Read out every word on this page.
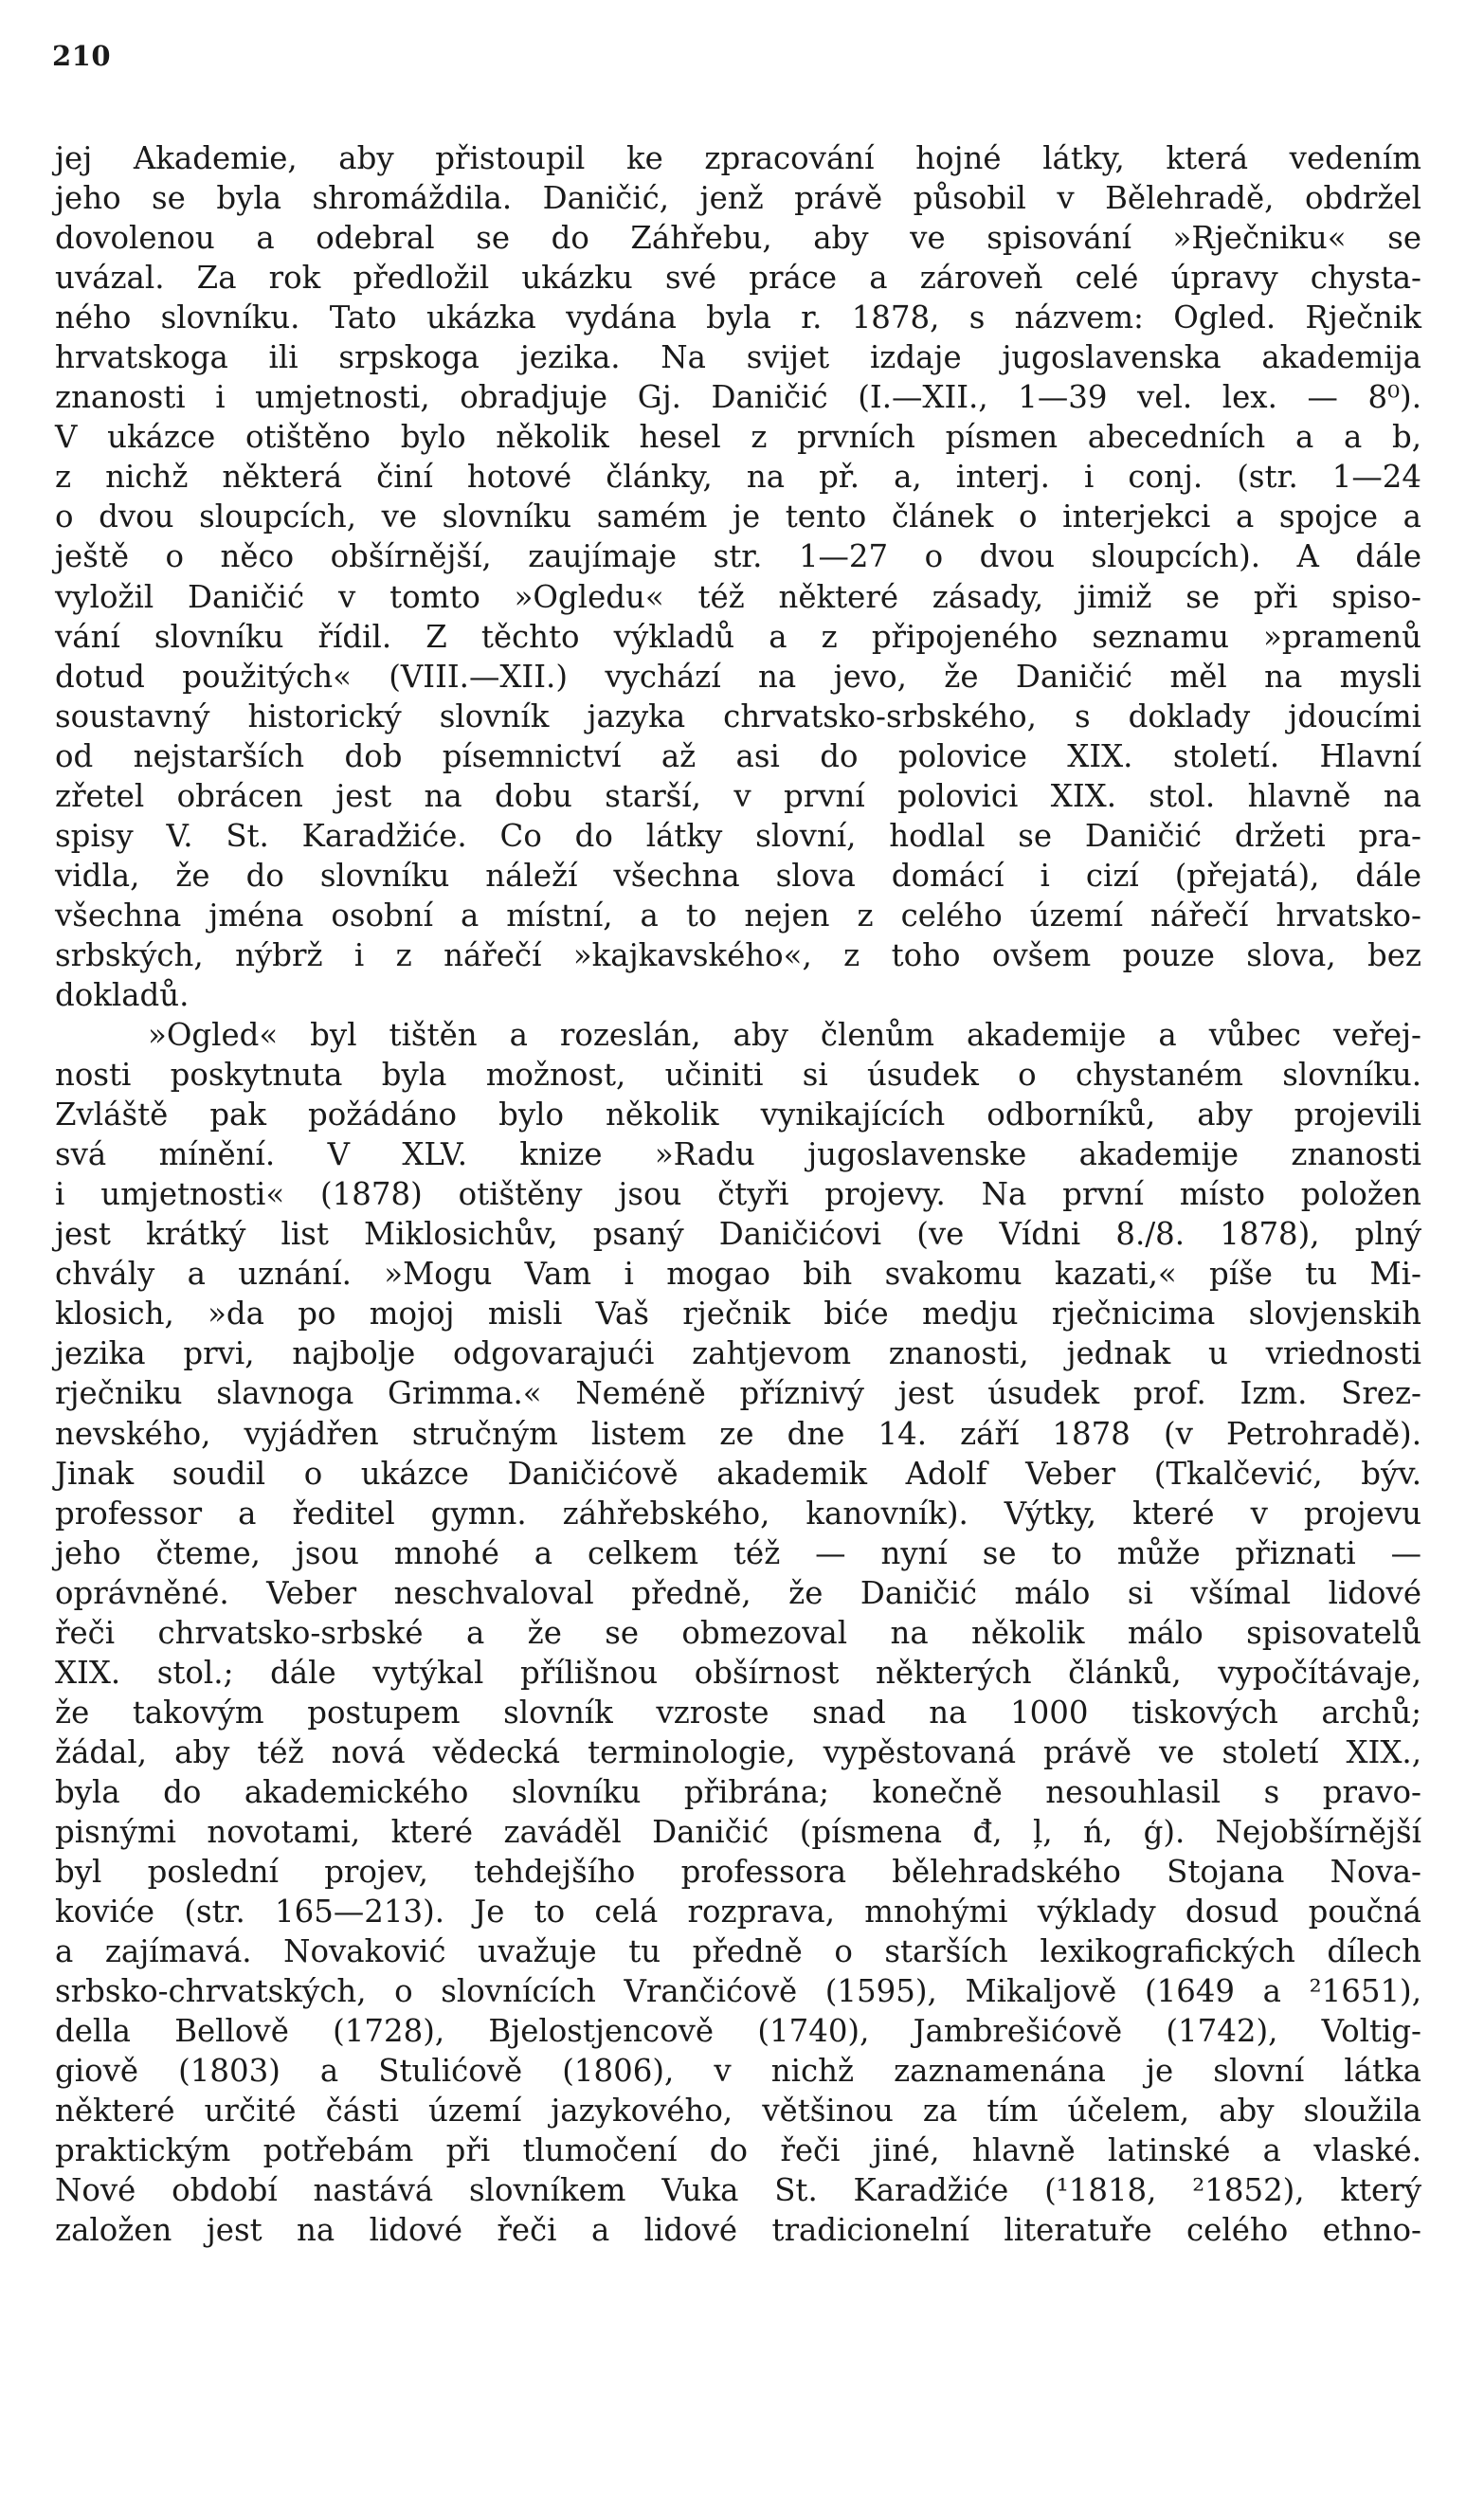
210
jej Akademie, aby přistoupil ke zpracování hojné látky, která vedením
jeho se byla shromáždila. Daničić, jenž právě působil v Bělehradě, obdržel
dovolenou a odebral se do Záhřebu, aby ve spisování »Rječniku« se
uvázal. Za rok předložil ukázku své práce a zároveň celé úpravy chysta-
ného slovníku. Tato ukázka vydána byla r. 1878, s názvem: Ogled. Rječnik
hrvatskoga ili srpskoga jezika. Na svijet izdaje jugoslavenska akademija
znanosti i umjetnosti, obradjuje Gj. Daničić (I.—XII., 1—39 vel. lex. — 8⁰).
V ukázce otištěno bylo několik hesel z prvních písmen abecedních a a b,
z nichž některá činí hotové články, na př. a, interj. i conj. (str. 1—24
o dvou sloupcích, ve slovníku samém je tento článek o interjekci a spojce a
ještě o něco obšírnější, zaujímaje str. 1—27 o dvou sloupcích). A dále
vyložil Daničić v tomto »Ogledu« též některé zásady, jimiž se při spiso-
vání slovníku řídil. Z těchto výkladů a z připojeného seznamu »pramenů
dotud použitých« (VIII.—XII.) vychází na jevo, že Daničić měl na mysli
soustavný historický slovník jazyka chrvatsko-srbského, s doklady jdoucími
od nejstarších dob písemnictví až asi do polovice XIX. století. Hlavní
zřetel obrácen jest na dobu starší, v první polovici XIX. stol. hlavně na
spisy V. St. Karadžiće. Co do látky slovní, hodlal se Daničić držeti pra-
vidla, že do slovníku náleží všechna slova domácí i cizí (přejatá), dále
všechna jména osobní a místní, a to nejen z celého území nářečí hrvatsko-
srbských, nýbrž i z nářečí »kajkavského«, z toho ovšem pouze slova, bez
dokladů.
»Ogled« byl tištěn a rozeslán, aby členům akademije a vůbec veřej-
nosti poskytnuta byla možnost, učiniti si úsudek o chystaném slovníku.
Zvláště pak požádáno bylo několik vynikajících odborníků, aby projevili
svá mínění. V XLV. knize »Radu jugoslavenske akademije znanosti
i umjetnosti« (1878) otištěny jsou čtyři projevy. Na první místo položen
jest krátký list Miklosichův, psaný Daničićovi (ve Vídni 8./8. 1878), plný
chvály a uznání. »Mogu Vam i mogao bih svakomu kazati,« píše tu Mi-
klosich, »da po mojoj misli Vaš rječnik biće medju rječnicima slovjenskih
jezika prvi, najbolje odgovarajući zahtjevom znanosti, jednak u vriednosti
rječniku slavnoga Grimma.« Neméně příznivý jest úsudek prof. Izm. Srez-
nevského, vyjádřen stručným listem ze dne 14. září 1878 (v Petrohradě).
Jinak soudil o ukázce Daničićově akademik Adolf Veber (Tkalčević, býv.
professor a ředitel gymn. záhřebského, kanovník). Výtky, které v projevu
jeho čteme, jsou mnohé a celkem též — nyní se to může přiznati —
oprávněné. Veber neschvaloval předně, že Daničić málo si všímal lidové
řeči chrvatsko-srbské a že se obmezoval na několik málo spisovatelů
XIX. stol.; dále vytýkal přílišnou obšírnost některých článků, vypočítávaje,
že takovým postupem slovník vzroste snad na 1000 tiskových archů;
žádal, aby též nová vědecká terminologie, vypěstovaná právě ve století XIX.,
byla do akademického slovníku přibrána; konečně nesouhlasil s pravo-
pisnými novotami, které zaváděl Daničić (písmena đ, ļ, ń, ģ). Nejobšírnější
byl poslední projev, tehdejšího professora bělehradského Stojana Nova-
koviće (str. 165—213). Je to celá rozprava, mnohými výklady dosud poučná
a zajímavá. Novaković uvažuje tu předně o starších lexikografických dílech
srbsko-chrvatských, o slovnících Vrančićově (1595), Mikaljově (1649 a ²1651),
della Bellově (1728), Bjelostjencově (1740), Jambrešićově (1742), Voltig-
giově (1803) a Stulićově (1806), v nichž zaznamenána je slovní látka
některé určité části území jazykového, většinou za tím účelem, aby sloužila
praktickým potřebám při tlumočení do řeči jiné, hlavně latinské a vlaské.
Nové období nastává slovníkem Vuka St. Karadžiće (¹1818, ²1852), který
založen jest na lidové řeči a lidové tradicionelní literatuře celého ethno-
